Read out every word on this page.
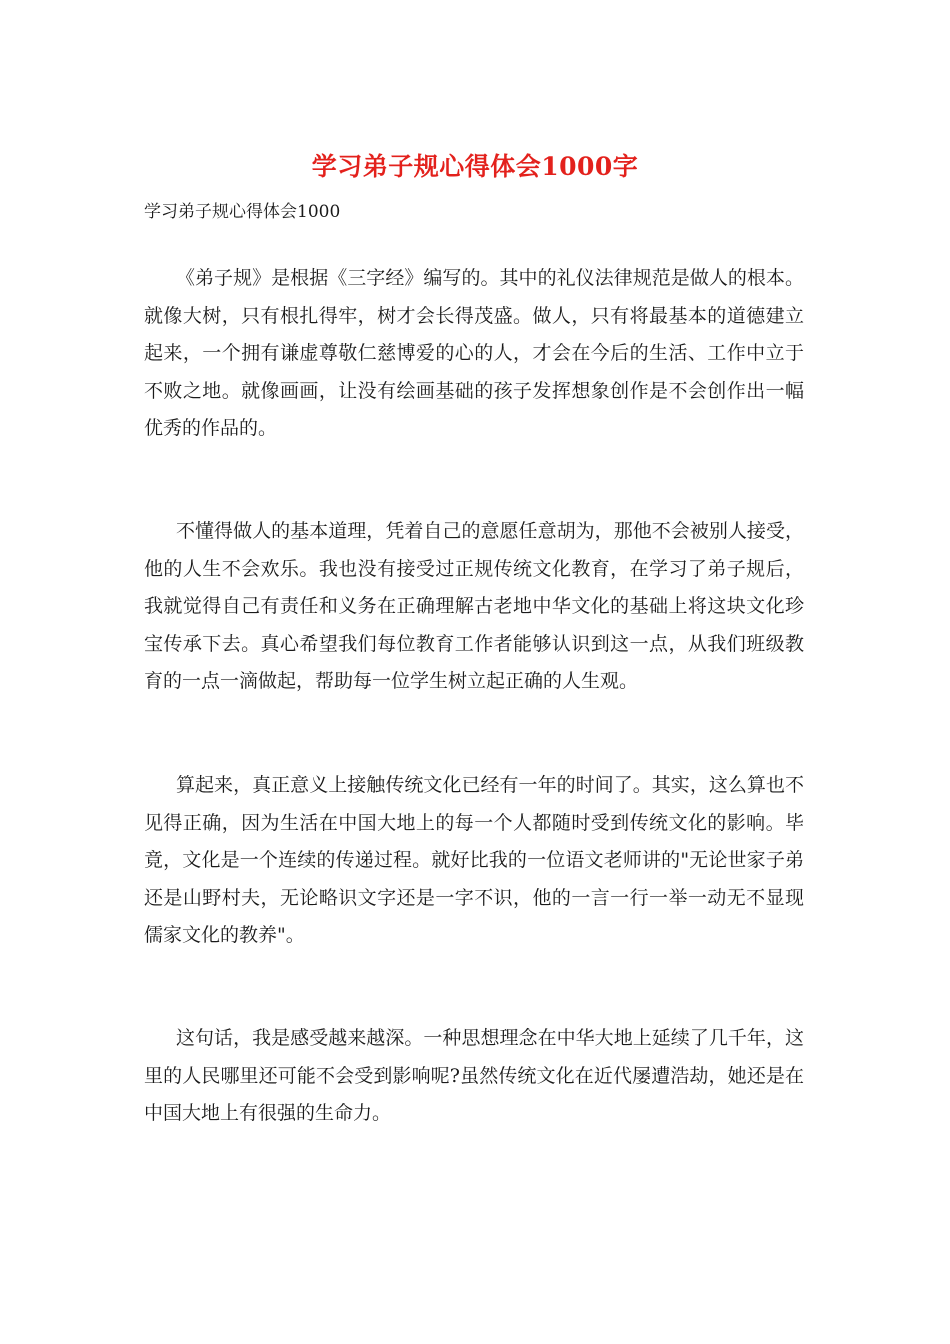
学习弟子规心得体会1000字
学习弟子规心得体会1000

《弟子规》是根据《三字经》编写的。其中的礼仪法律规范是做人的根本。就像大树，只有根扎得牢，树才会长得茂盛。做人，只有将最基本的道德建立起来，一个拥有谦虚尊敬仁慈博爱的心的人，才会在今后的生活、工作中立于不败之地。就像画画，让没有绘画基础的孩子发挥想象创作是不会创作出一幅优秀的作品的。

不懂得做人的基本道理，凭着自己的意愿任意胡为，那他不会被别人接受，他的人生不会欢乐。我也没有接受过正规传统文化教育，在学习了弟子规后，我就觉得自己有责任和义务在正确理解古老地中华文化的基础上将这块文化珍宝传承下去。真心希望我们每位教育工作者能够认识到这一点，从我们班级教育的一点一滴做起，帮助每一位学生树立起正确的人生观。

算起来，真正意义上接触传统文化已经有一年的时间了。其实，这么算也不见得正确，因为生活在中国大地上的每一个人都随时受到传统文化的影响。毕竟，文化是一个连续的传递过程。就好比我的一位语文老师讲的"无论世家子弟还是山野村夫，无论略识文字还是一字不识，他的一言一行一举一动无不显现儒家文化的教养"。

这句话，我是感受越来越深。一种思想理念在中华大地上延续了几千年，这里的人民哪里还可能不会受到影响呢?虽然传统文化在近代屡遭浩劫，她还是在中国大地上有很强的生命力。
